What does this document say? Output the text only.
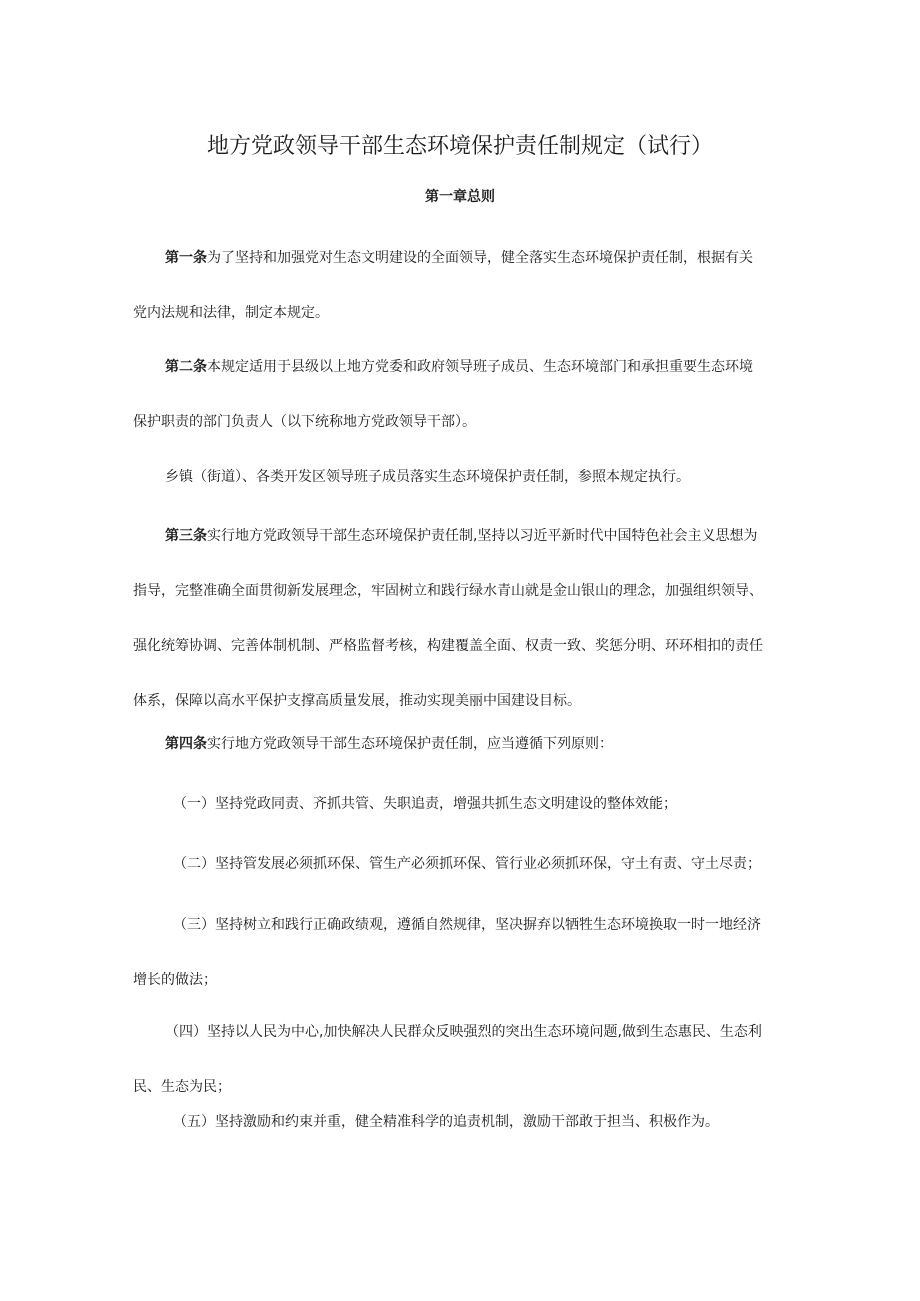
地方党政领导干部生态环境保护责任制规定（试行）
第一章总则
第一条为了坚持和加强党对生态文明建设的全面领导，健全落实生态环境保护责任制，根据有关
党内法规和法律，制定本规定。
第二条本规定适用于县级以上地方党委和政府领导班子成员、生态环境部门和承担重要生态环境
保护职责的部门负责人（以下统称地方党政领导干部）。
乡镇（街道）、各类开发区领导班子成员落实生态环境保护责任制，参照本规定执行。
第三条实行地方党政领导干部生态环境保护责任制,坚持以习近平新时代中国特色社会主义思想为
指导，完整准确全面贯彻新发展理念，牢固树立和践行绿水青山就是金山银山的理念，加强组织领导、
强化统筹协调、完善体制机制、严格监督考核，构建覆盖全面、权责一致、奖惩分明、环环相扣的责任
体系，保障以高水平保护支撑高质量发展，推动实现美丽中国建设目标。
第四条实行地方党政领导干部生态环境保护责任制，应当遵循下列原则：
（一）坚持党政同责、齐抓共管、失职追责，增强共抓生态文明建设的整体效能；
（二）坚持管发展必须抓环保、管生产必须抓环保、管行业必须抓环保，守土有责、守土尽责；
（三）坚持树立和践行正确政绩观，遵循自然规律，坚决摒弃以牺牲生态环境换取一时一地经济
增长的做法；
（四）坚持以人民为中心,加快解决人民群众反映强烈的突出生态环境问题,做到生态惠民、生态利
民、生态为民；
（五）坚持激励和约束并重，健全精准科学的追责机制，激励干部敢于担当、积极作为。
